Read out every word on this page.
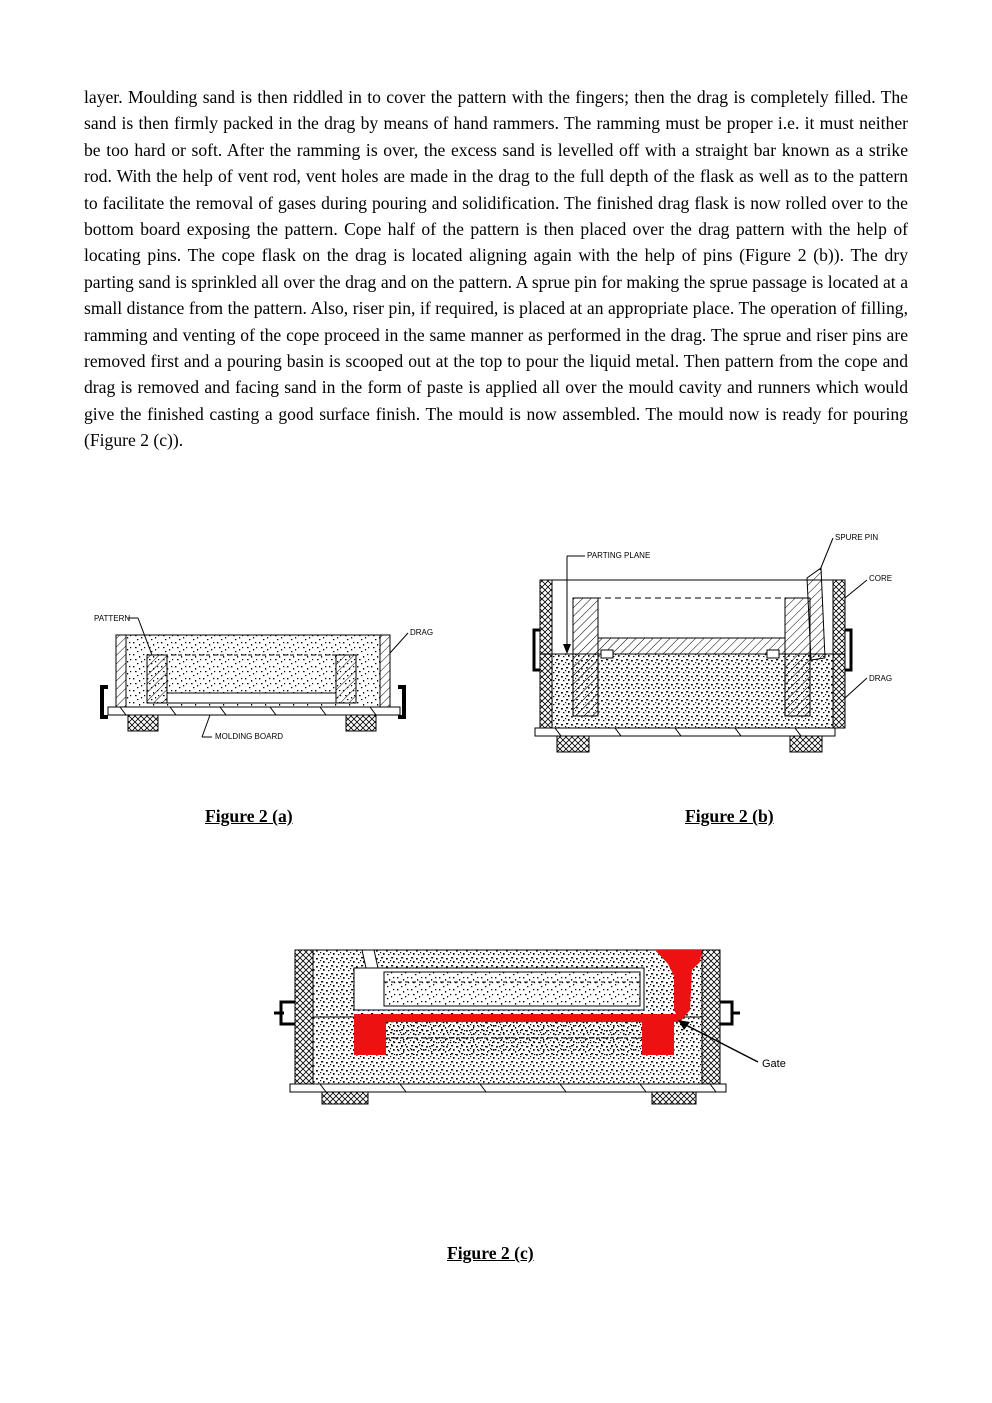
layer. Moulding sand is then riddled in to cover the pattern with the fingers; then the drag is completely filled. The sand is then firmly packed in the drag by means of hand rammers. The ramming must be proper i.e. it must neither be too hard or soft. After the ramming is over, the excess sand is levelled off with a straight bar known as a strike rod. With the help of vent rod, vent holes are made in the drag to the full depth of the flask as well as to the pattern to facilitate the removal of gases during pouring and solidification. The finished drag flask is now rolled over to the bottom board exposing the pattern. Cope half of the pattern is then placed over the drag pattern with the help of locating pins. The cope flask on the drag is located aligning again with the help of pins (Figure 2 (b)). The dry parting sand is sprinkled all over the drag and on the pattern. A sprue pin for making the sprue passage is located at a small distance from the pattern. Also, riser pin, if required, is placed at an appropriate place. The operation of filling, ramming and venting of the cope proceed in the same manner as performed in the drag. The sprue and riser pins are removed first and a pouring basin is scooped out at the top to pour the liquid metal. Then pattern from the cope and drag is removed and facing sand in the form of paste is applied all over the mould cavity and runners which would give the finished casting a good surface finish. The mould is now assembled. The mould now is ready for pouring (Figure 2 (c)).

PATTERN
DRAG
MOLDING BOARD
PARTING PLANE
SPURE PIN
CORE
DRAG
Figure 2 (a)	Figure 2 (b)
Gate
Figure 2 (c)
